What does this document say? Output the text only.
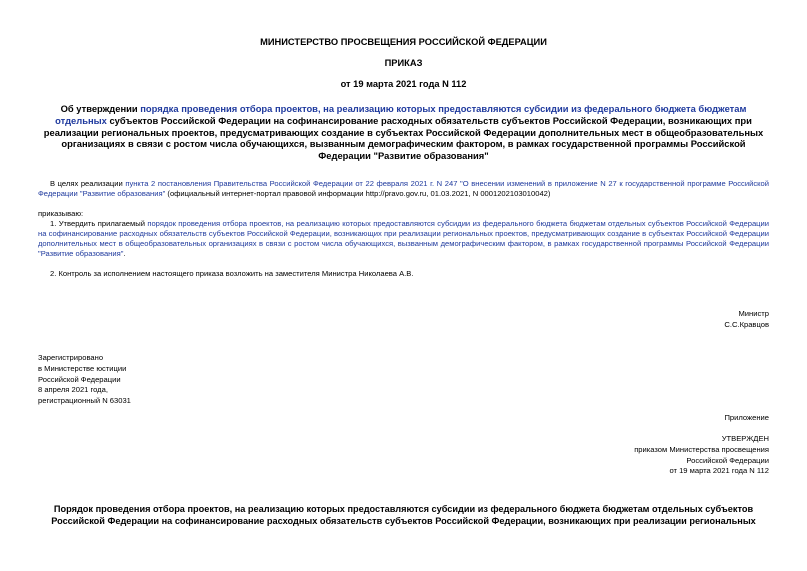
МИНИСТЕРСТВО ПРОСВЕЩЕНИЯ РОССИЙСКОЙ ФЕДЕРАЦИИ
ПРИКАЗ
от 19 марта 2021 года N 112
Об утверждении порядка проведения отбора проектов, на реализацию которых предоставляются субсидии из федерального бюджета бюджетам отдельных субъектов Российской Федерации на софинансирование расходных обязательств субъектов Российской Федерации, возникающих при реализации региональных проектов, предусматривающих создание в субъектах Российской Федерации дополнительных мест в общеобразовательных организациях в связи с ростом числа обучающихся, вызванным демографическим фактором, в рамках государственной программы Российской Федерации "Развитие образования"
В целях реализации пункта 2 постановления Правительства Российской Федерации от 22 февраля 2021 г. N 247 "О внесении изменений в приложение N 27 к государственной программе Российской Федерации "Развитие образования" (официальный интернет-портал правовой информации http://pravo.gov.ru, 01.03.2021, N 0001202103010042)
приказываю:
1. Утвердить прилагаемый порядок проведения отбора проектов, на реализацию которых предоставляются субсидии из федерального бюджета бюджетам отдельных субъектов Российской Федерации на софинансирование расходных обязательств субъектов Российской Федерации, возникающих при реализации региональных проектов, предусматривающих создание в субъектах Российской Федерации дополнительных мест в общеобразовательных организациях в связи с ростом числа обучающихся, вызванным демографическим фактором, в рамках государственной программы Российской Федерации "Развитие образования".
2. Контроль за исполнением настоящего приказа возложить на заместителя Министра Николаева А.В.
Министр
С.С.Кравцов
Зарегистрировано
в Министерстве юстиции
Российской Федерации
8 апреля 2021 года,
регистрационный N 63031
Приложение
УТВЕРЖДЕН
приказом Министерства просвещения
Российской Федерации
от 19 марта 2021 года N 112
Порядок проведения отбора проектов, на реализацию которых предоставляются субсидии из федерального бюджета бюджетам отдельных субъектов Российской Федерации на софинансирование расходных обязательств субъектов Российской Федерации, возникающих при реализации региональных
